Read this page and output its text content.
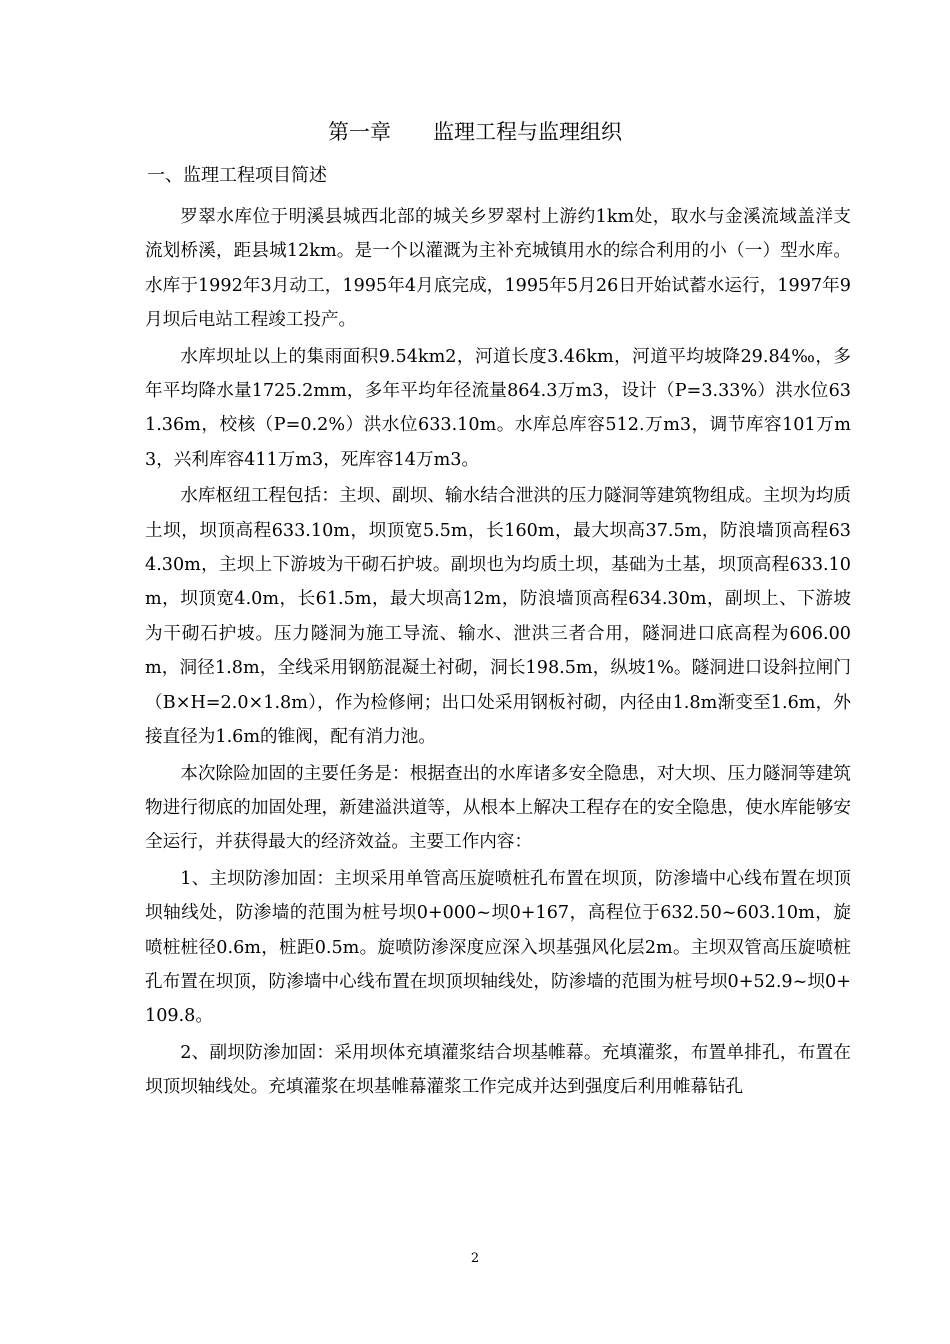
第一章　　监理工程与监理组织
一、监理工程项目简述

罗翠水库位于明溪县城西北部的城关乡罗翠村上游约1km处，取水与金溪流域盖洋支流划桥溪，距县城12km。是一个以灌溉为主补充城镇用水的综合利用的小（一）型水库。水库于1992年3月动工，1995年4月底完成，1995年5月26日开始试蓄水运行，1997年9月坝后电站工程竣工投产。

水库坝址以上的集雨面积9.54km2，河道长度3.46km，河道平均坡降29.84‰，多年平均降水量1725.2mm，多年平均年径流量864.3万m3，设计（P=3.33%）洪水位631.36m，校核（P=0.2%）洪水位633.10m。水库总库容512.万m3，调节库容101万m3，兴利库容411万m3，死库容14万m3。

水库枢纽工程包括：主坝、副坝、输水结合泄洪的压力隧洞等建筑物组成。主坝为均质土坝，坝顶高程633.10m，坝顶宽5.5m，长160m，最大坝高37.5m，防浪墙顶高程634.30m，主坝上下游坡为干砌石护坡。副坝也为均质土坝，基础为土基，坝顶高程633.10m，坝顶宽4.0m，长61.5m，最大坝高12m，防浪墙顶高程634.30m，副坝上、下游坡为干砌石护坡。压力隧洞为施工导流、输水、泄洪三者合用，隧洞进口底高程为606.00m，洞径1.8m，全线采用钢筋混凝土衬砌，洞长198.5m，纵坡1%。隧洞进口设斜拉闸门（B×H=2.0×1.8m），作为检修闸；出口处采用钢板衬砌，内径由1.8m渐变至1.6m，外接直径为1.6m的锥阀，配有消力池。

本次除险加固的主要任务是：根据查出的水库诸多安全隐患，对大坝、压力隧洞等建筑物进行彻底的加固处理，新建溢洪道等，从根本上解决工程存在的安全隐患，使水库能够安全运行，并获得最大的经济效益。主要工作内容：

1、主坝防渗加固：主坝采用单管高压旋喷桩孔布置在坝顶，防渗墙中心线布置在坝顶坝轴线处，防渗墙的范围为桩号坝0+000~坝0+167，高程位于632.50~603.10m，旋喷桩桩径0.6m，桩距0.5m。旋喷防渗深度应深入坝基强风化层2m。主坝双管高压旋喷桩孔布置在坝顶，防渗墙中心线布置在坝顶坝轴线处，防渗墙的范围为桩号坝0+52.9~坝0+109.8。

2、副坝防渗加固：采用坝体充填灌浆结合坝基帷幕。充填灌浆，布置单排孔，布置在坝顶坝轴线处。充填灌浆在坝基帷幕灌浆工作完成并达到强度后利用帷幕钻孔

2
